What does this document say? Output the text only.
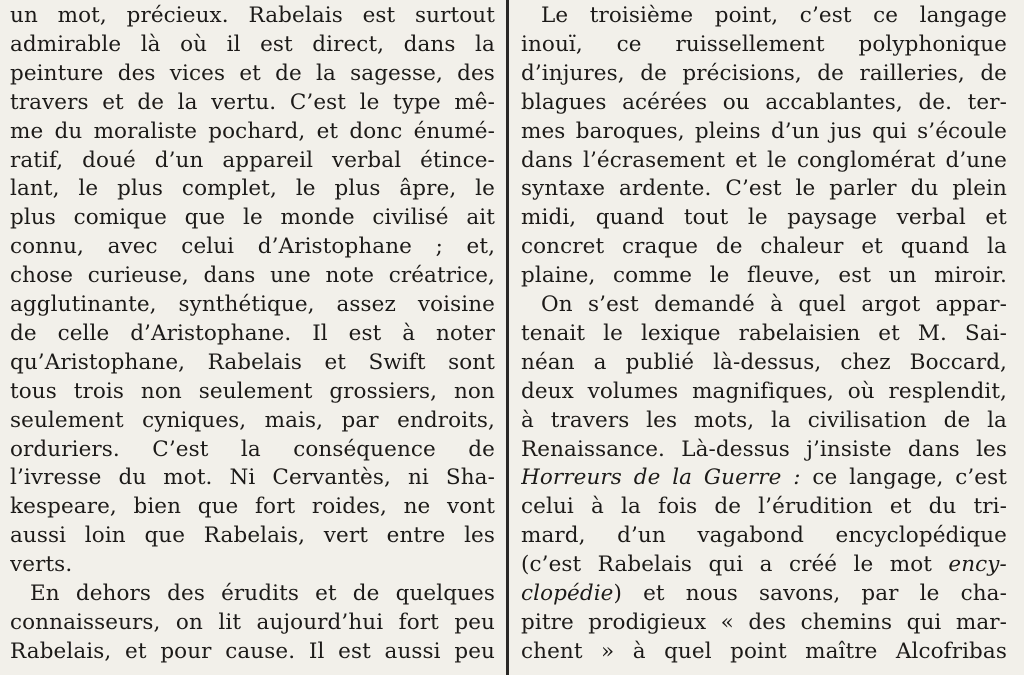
un mot, précieux. Rabelais est surtout
admirable là où il est direct, dans la
peinture des vices et de la sagesse, des
travers et de la vertu. C’est le type mê-
me du moraliste pochard, et donc énumé-
ratif, doué d’un appareil verbal étince-
lant, le plus complet, le plus âpre, le
plus comique que le monde civilisé ait
connu, avec celui d’Aristophane ; et,
chose curieuse, dans une note créatrice,
agglutinante, synthétique, assez voisine
de celle d’Aristophane. Il est à noter
qu’Aristophane, Rabelais et Swift sont
tous trois non seulement grossiers, non
seulement cyniques, mais, par endroits,
orduriers. C’est la conséquence de
l’ivresse du mot. Ni Cervantès, ni Sha-
kespeare, bien que fort roides, ne vont
aussi loin que Rabelais, vert entre les
verts.
En dehors des érudits et de quelques
connaisseurs, on lit aujourd’hui fort peu
Rabelais, et pour cause. Il est aussi peu
Le troisième point, c’est ce langage
inouï, ce ruissellement polyphonique
d’injures, de précisions, de railleries, de
blagues acérées ou accablantes, de. ter-
mes baroques, pleins d’un jus qui s’écoule
dans l’écrasement et le conglomérat d’une
syntaxe ardente. C’est le parler du plein
midi, quand tout le paysage verbal et
concret craque de chaleur et quand la
plaine, comme le fleuve, est un miroir.
On s’est demandé à quel argot appar-
tenait le lexique rabelaisien et M. Sai-
néan a publié là-dessus, chez Boccard,
deux volumes magnifiques, où resplendit,
à travers les mots, la civilisation de la
Renaissance. Là-dessus j’insiste dans les
Horreurs de la Guerre : ce langage, c’est
celui à la fois de l’érudition et du tri-
mard, d’un vagabond encyclopédique
(c’est Rabelais qui a créé le mot ency-
clopédie) et nous savons, par le cha-
pitre prodigieux « des chemins qui mar-
chent » à quel point maître Alcofribas
